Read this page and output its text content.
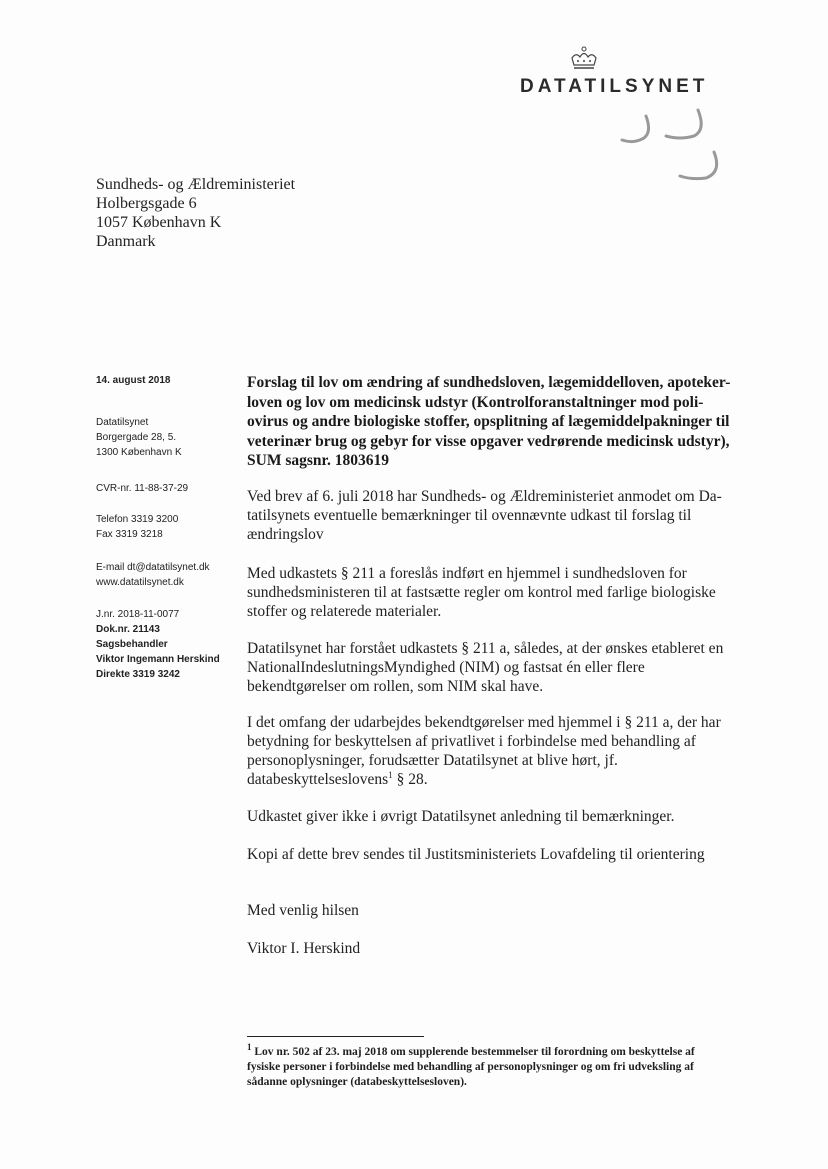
DATATILSYNET
Sundheds- og Ældreministeriet
Holbergsgade 6
1057 København K
Danmark
14. august 2018
Datatilsynet
Borgergade 28, 5.
1300 København K
CVR-nr. 11-88-37-29
Telefon 3319 3200
Fax 3319 3218
E-mail dt@datatilsynet.dk
www.datatilsynet.dk
J.nr. 2018-11-0077
Dok.nr. 21143
Sagsbehandler
Viktor Ingemann Herskind
Direkte 3319 3242
Forslag til lov om ændring af sundhedsloven, lægemiddelloven, apoteker-
loven og lov om medicinsk udstyr (Kontrolforanstaltninger mod poli-
ovirus og andre biologiske stoffer, opsplitning af lægemiddelpakninger til
veterinær brug og gebyr for visse opgaver vedrørende medicinsk udstyr),
SUM sagsnr. 1803619
Ved brev af 6. juli 2018 har Sundheds- og Ældreministeriet anmodet om Da-
tatilsynets eventuelle bemærkninger til ovennævnte udkast til forslag til
ændringslov
Med udkastets § 211 a foreslås indført en hjemmel i sundhedsloven for
sundhedsministeren til at fastsætte regler om kontrol med farlige biologiske
stoffer og relaterede materialer.
Datatilsynet har forstået udkastets § 211 a, således, at der ønskes etableret en
NationalIndeslutningsMyndighed (NIM) og fastsat én eller flere
bekendtgørelser om rollen, som NIM skal have.
I det omfang der udarbejdes bekendtgørelser med hjemmel i § 211 a, der har
betydning for beskyttelsen af privatlivet i forbindelse med behandling af
personoplysninger, forudsætter Datatilsynet at blive hørt, jf.
databeskyttelseslovens$^1$ § 28.
Udkastet giver ikke i øvrigt Datatilsynet anledning til bemærkninger.
Kopi af dette brev sendes til Justitsministeriets Lovafdeling til orientering
Med venlig hilsen
Viktor I. Herskind
$^1$ Lov nr. 502 af 23. maj 2018 om supplerende bestemmelser til forordning om beskyttelse af
fysiske personer i forbindelse med behandling af personoplysninger og om fri udveksling af
sådanne oplysninger (databeskyttelsesloven).
